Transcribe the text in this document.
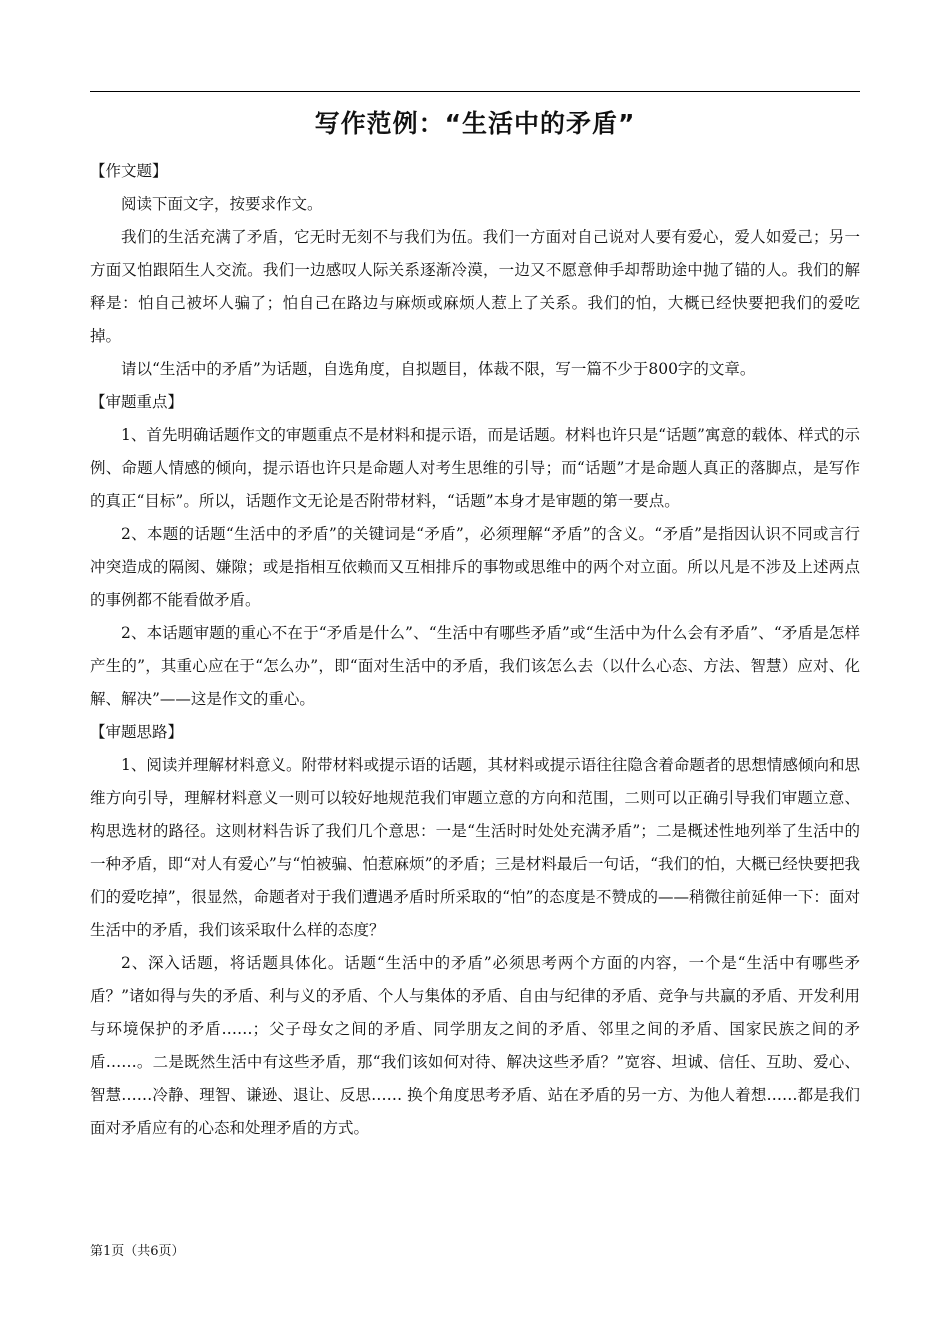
写作范例：“生活中的矛盾”

【作文题】

阅读下面文字，按要求作文。

我们的生活充满了矛盾，它无时无刻不与我们为伍。我们一方面对自己说对人要有爱心，爱人如爱己；另一方面又怕跟陌生人交流。我们一边感叹人际关系逐渐冷漠，一边又不愿意伸手却帮助途中抛了锚的人。我们的解释是：怕自己被坏人骗了；怕自己在路边与麻烦或麻烦人惹上了关系。我们的怕，大概已经快要把我们的爱吃掉。

请以“生活中的矛盾”为话题，自选角度，自拟题目，体裁不限，写一篇不少于800字的文章。

【审题重点】

1、首先明确话题作文的审题重点不是材料和提示语，而是话题。材料也许只是“话题”寓意的载体、样式的示例、命题人情感的倾向，提示语也许只是命题人对考生思维的引导；而“话题”才是命题人真正的落脚点，是写作的真正“目标”。所以，话题作文无论是否附带材料，“话题”本身才是审题的第一要点。

2、本题的话题“生活中的矛盾”的关键词是“矛盾”，必须理解“矛盾”的含义。“矛盾”是指因认识不同或言行冲突造成的隔阂、嫌隙；或是指相互依赖而又互相排斥的事物或思维中的两个对立面。所以凡是不涉及上述两点的事例都不能看做矛盾。

2、本话题审题的重心不在于“矛盾是什么”、“生活中有哪些矛盾”或“生活中为什么会有矛盾”、“矛盾是怎样产生的”，其重心应在于“怎么办”，即“面对生活中的矛盾，我们该怎么去（以什么心态、方法、智慧）应对、化解、解决”——这是作文的重心。

【审题思路】

1、阅读并理解材料意义。附带材料或提示语的话题，其材料或提示语往往隐含着命题者的思想情感倾向和思维方向引导，理解材料意义一则可以较好地规范我们审题立意的方向和范围，二则可以正确引导我们审题立意、构思选材的路径。这则材料告诉了我们几个意思：一是“生活时时处处充满矛盾”；二是概述性地列举了生活中的一种矛盾，即“对人有爱心”与“怕被骗、怕惹麻烦”的矛盾；三是材料最后一句话，“我们的怕，大概已经快要把我们的爱吃掉”，很显然，命题者对于我们遭遇矛盾时所采取的“怕”的态度是不赞成的——稍微往前延伸一下：面对生活中的矛盾，我们该采取什么样的态度？

2、深入话题，将话题具体化。话题“生活中的矛盾”必须思考两个方面的内容，一个是“生活中有哪些矛盾？”诸如得与失的矛盾、利与义的矛盾、个人与集体的矛盾、自由与纪律的矛盾、竞争与共赢的矛盾、开发利用与环境保护的矛盾……；父子母女之间的矛盾、同学朋友之间的矛盾、邻里之间的矛盾、国家民族之间的矛盾……。二是既然生活中有这些矛盾，那“我们该如何对待、解决这些矛盾？”宽容、坦诚、信任、互助、爱心、智慧……冷静、理智、谦逊、退让、反思…… 换个角度思考矛盾、站在矛盾的另一方、为他人着想……都是我们面对矛盾应有的心态和处理矛盾的方式。

第1页（共6页）
